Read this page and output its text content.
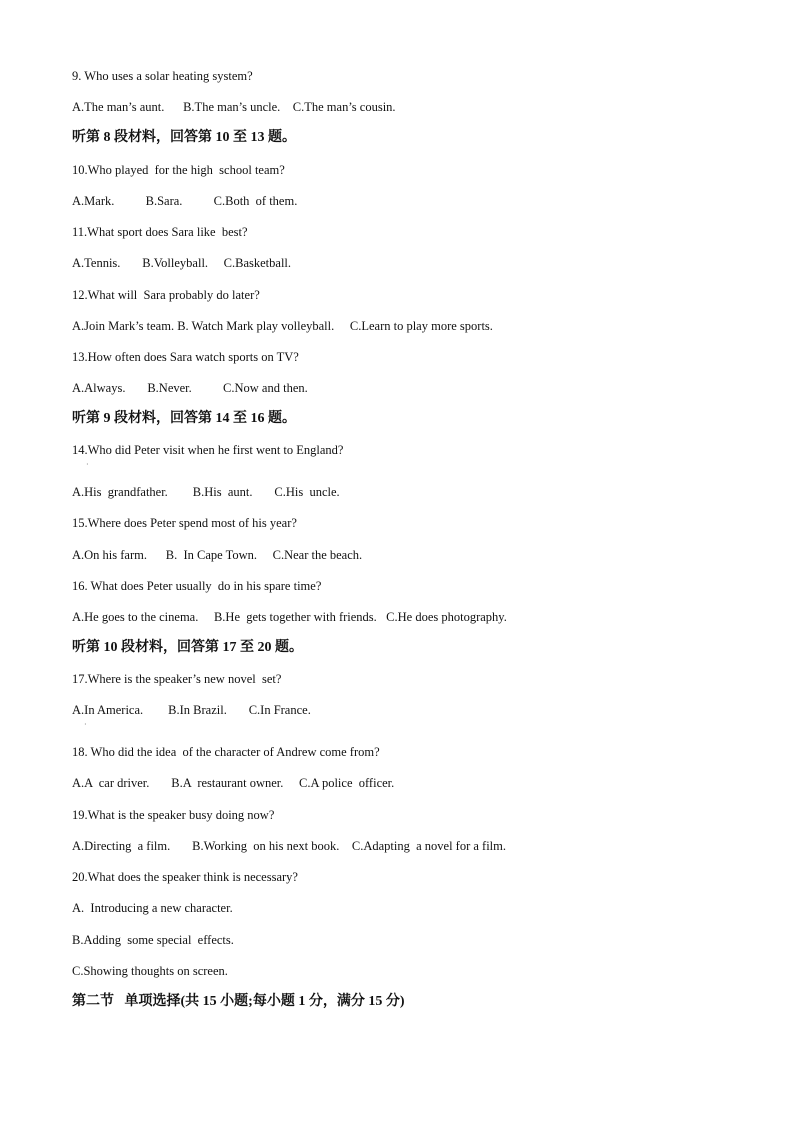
9. Who uses a solar heating system?
A.The man’s aunt.      B.The man’s uncle.    C.The man’s cousin.
听第 8 段材料，回答第 10 至 13 题。
10.Who played  for the high  school team?
A.Mark.          B.Sara.          C.Both  of them.
11.What sport does Sara like  best?
A.Tennis.       B.Volleyball.     C.Basketball.
12.What will  Sara probably do later?
A.Join Mark’s team. B. Watch Mark play volleyball.     C.Learn to play more sports.
13.How often does Sara watch sports on TV?
A.Always.       B.Never.          C.Now and then.
听第 9 段材料，回答第 14 至 16 题。
14.Who did Peter visit when he first went to England?
·
A.His  grandfather.        B.His  aunt.       C.His  uncle.
15.Where does Peter spend most of his year?
A.On his farm.      B.  In Cape Town.     C.Near the beach.
16. What does Peter usually  do in his spare time?
A.He goes to the cinema.     B.He  gets together with friends.   C.He does photography.
听第 10 段材料，回答第 17 至 20 题。
17.Where is the speaker’s new novel  set?
A.In America.        B.In Brazil.       C.In France.
·
18. Who did the idea  of the character of Andrew come from?
A.A  car driver.       B.A  restaurant owner.     C.A police  officer.
19.What is the speaker busy doing now?
A.Directing  a film.       B.Working  on his next book.    C.Adapting  a novel for a film.
20.What does the speaker think is necessary?
A.  Introducing a new character.
B.Adding  some special  effects.
C.Showing thoughts on screen.
第二节   单项选择(共 15 小题;每小题 1 分，满分 15 分)
